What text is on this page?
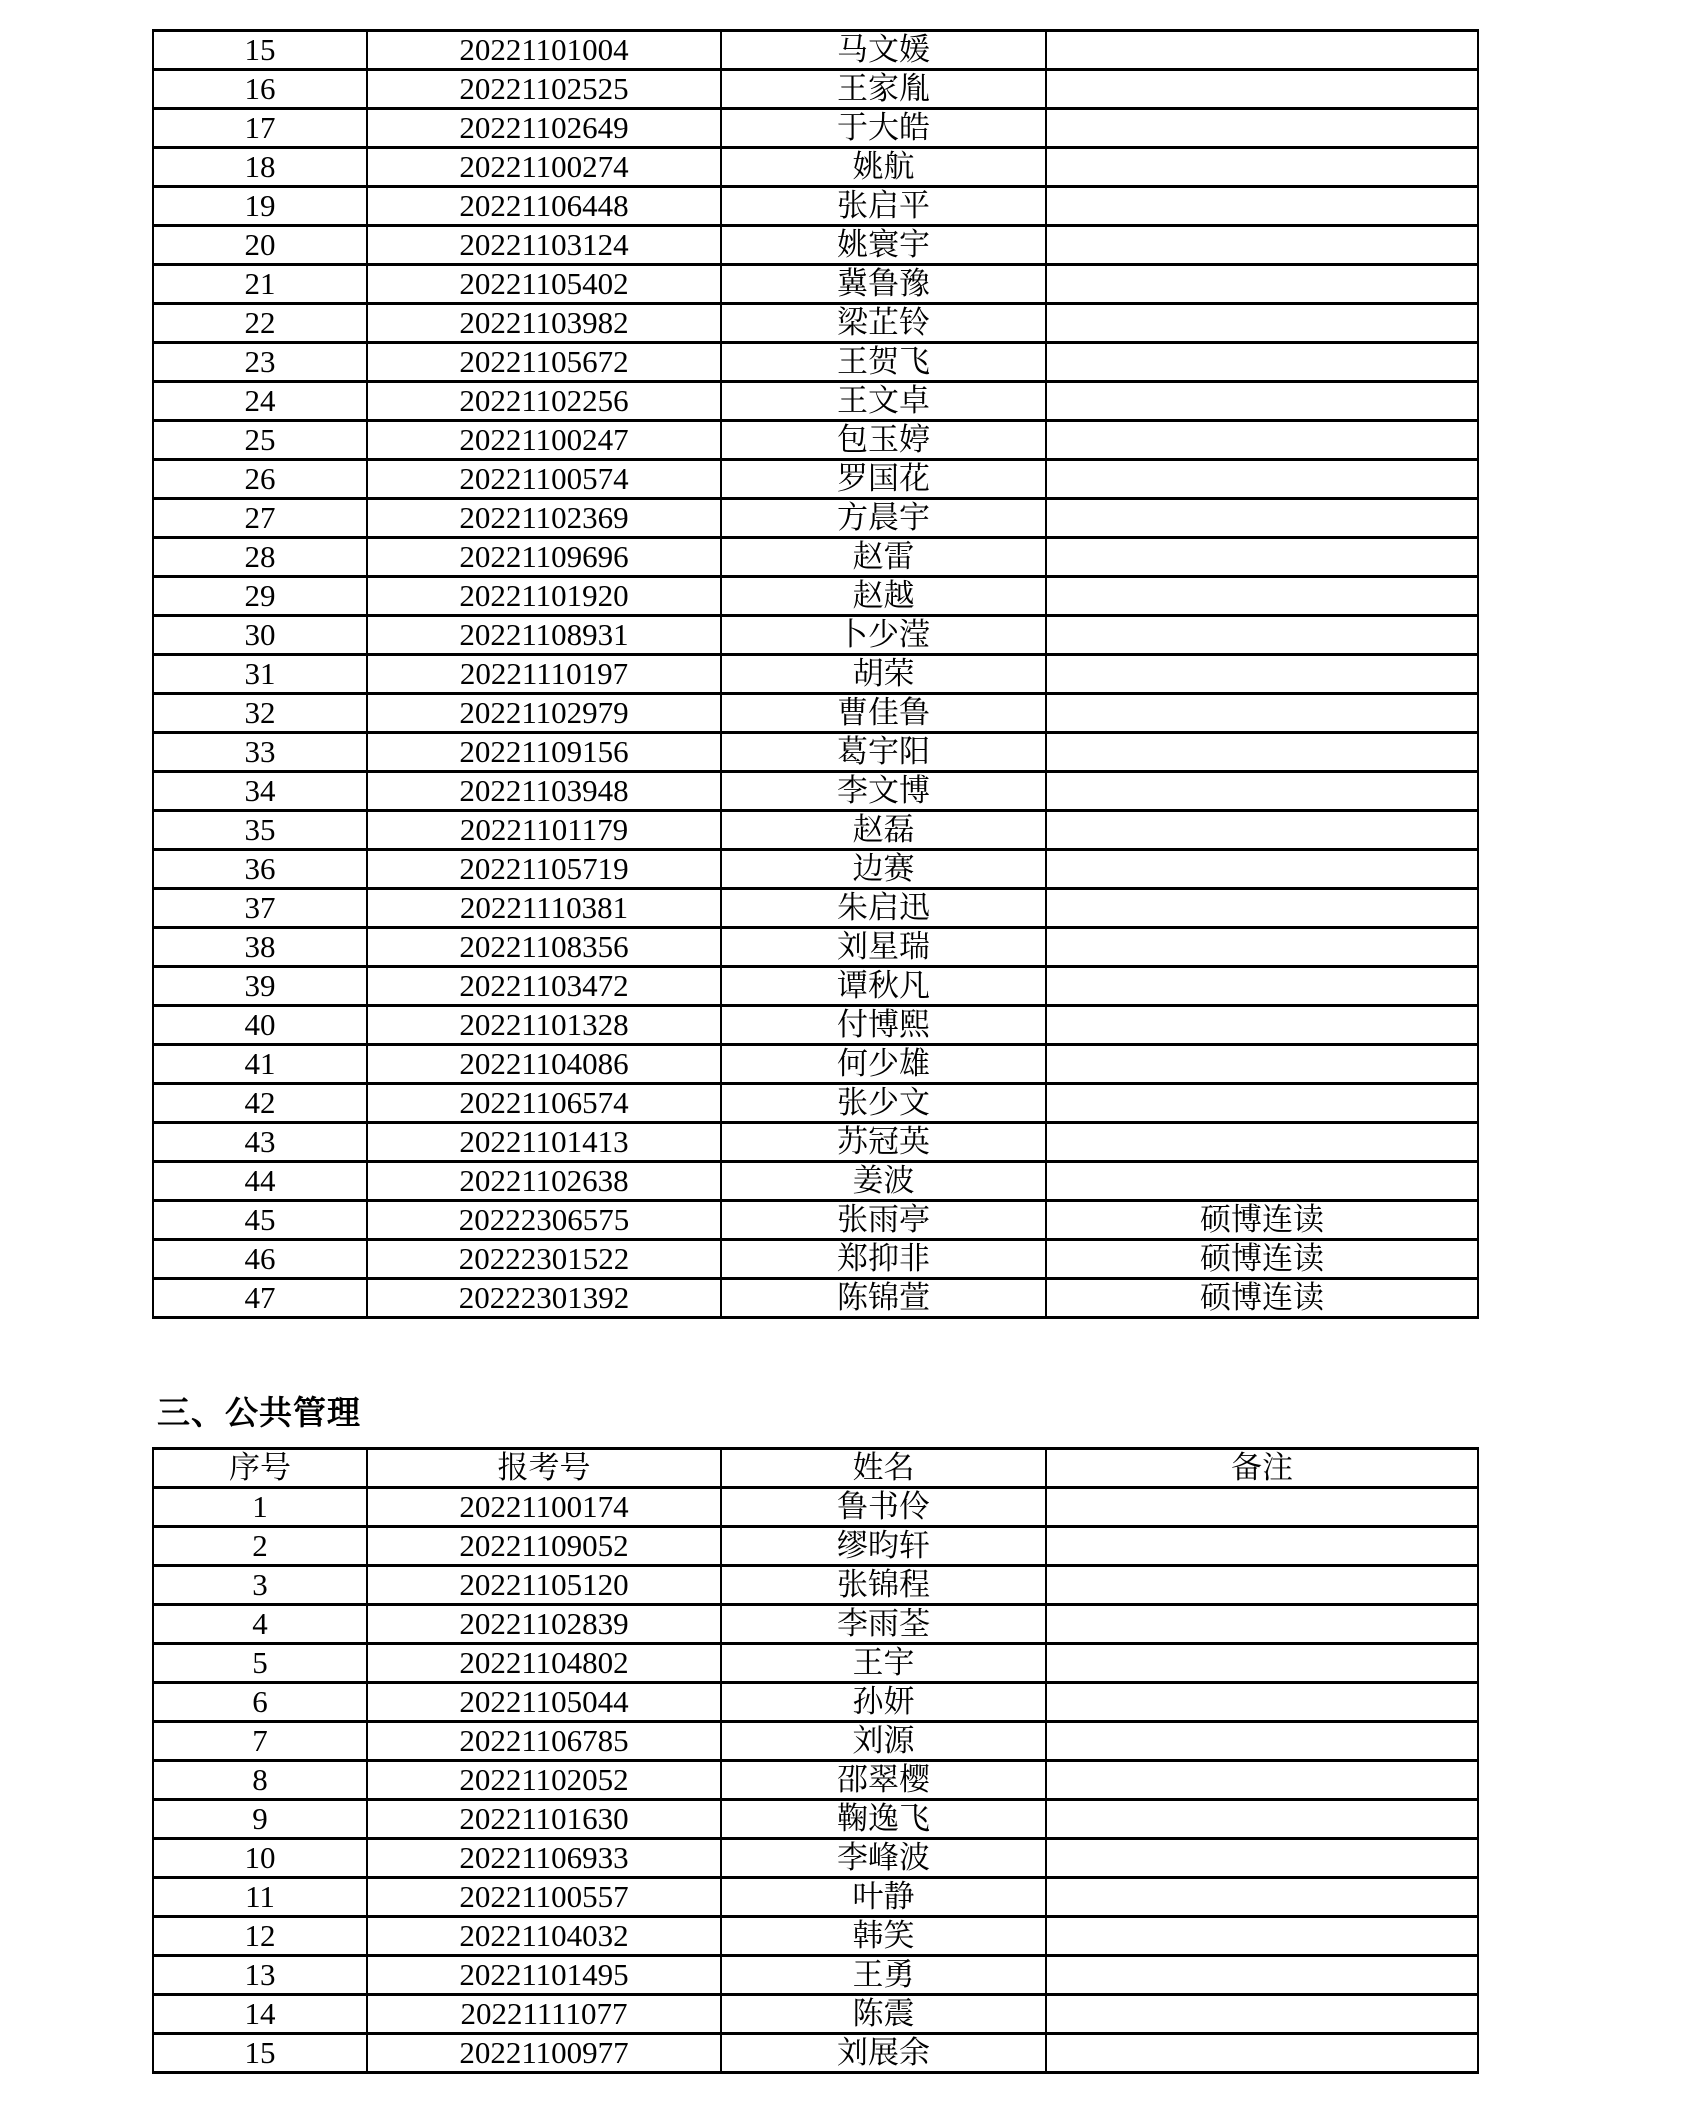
15	20221101004	马文媛	
16	20221102525	王家胤	
17	20221102649	于大皓	
18	20221100274	姚航	
19	20221106448	张启平	
20	20221103124	姚寰宇	
21	20221105402	冀鲁豫	
22	20221103982	梁芷铃	
23	20221105672	王贺飞	
24	20221102256	王文卓	
25	20221100247	包玉婷	
26	20221100574	罗国花	
27	20221102369	方晨宇	
28	20221109696	赵雷	
29	20221101920	赵越	
30	20221108931	卜少滢	
31	20221110197	胡荣	
32	20221102979	曹佳鲁	
33	20221109156	葛宇阳	
34	20221103948	李文博	
35	20221101179	赵磊	
36	20221105719	边赛	
37	20221110381	朱启迅	
38	20221108356	刘星瑞	
39	20221103472	谭秋凡	
40	20221101328	付博熙	
41	20221104086	何少雄	
42	20221106574	张少文	
43	20221101413	苏冠英	
44	20221102638	姜波	
45	20222306575	张雨亭	硕博连读
46	20222301522	郑抑非	硕博连读
47	20222301392	陈锦萱	硕博连读
三、公共管理
序号	报考号	姓名	备注
1	20221100174	鲁书伶	
2	20221109052	缪昀轩	
3	20221105120	张锦程	
4	20221102839	李雨荃	
5	20221104802	王宇	
6	20221105044	孙妍	
7	20221106785	刘源	
8	20221102052	邵翠樱	
9	20221101630	鞠逸飞	
10	20221106933	李峰波	
11	20221100557	叶静	
12	20221104032	韩笑	
13	20221101495	王勇	
14	20221111077	陈震	
15	20221100977	刘展余	
